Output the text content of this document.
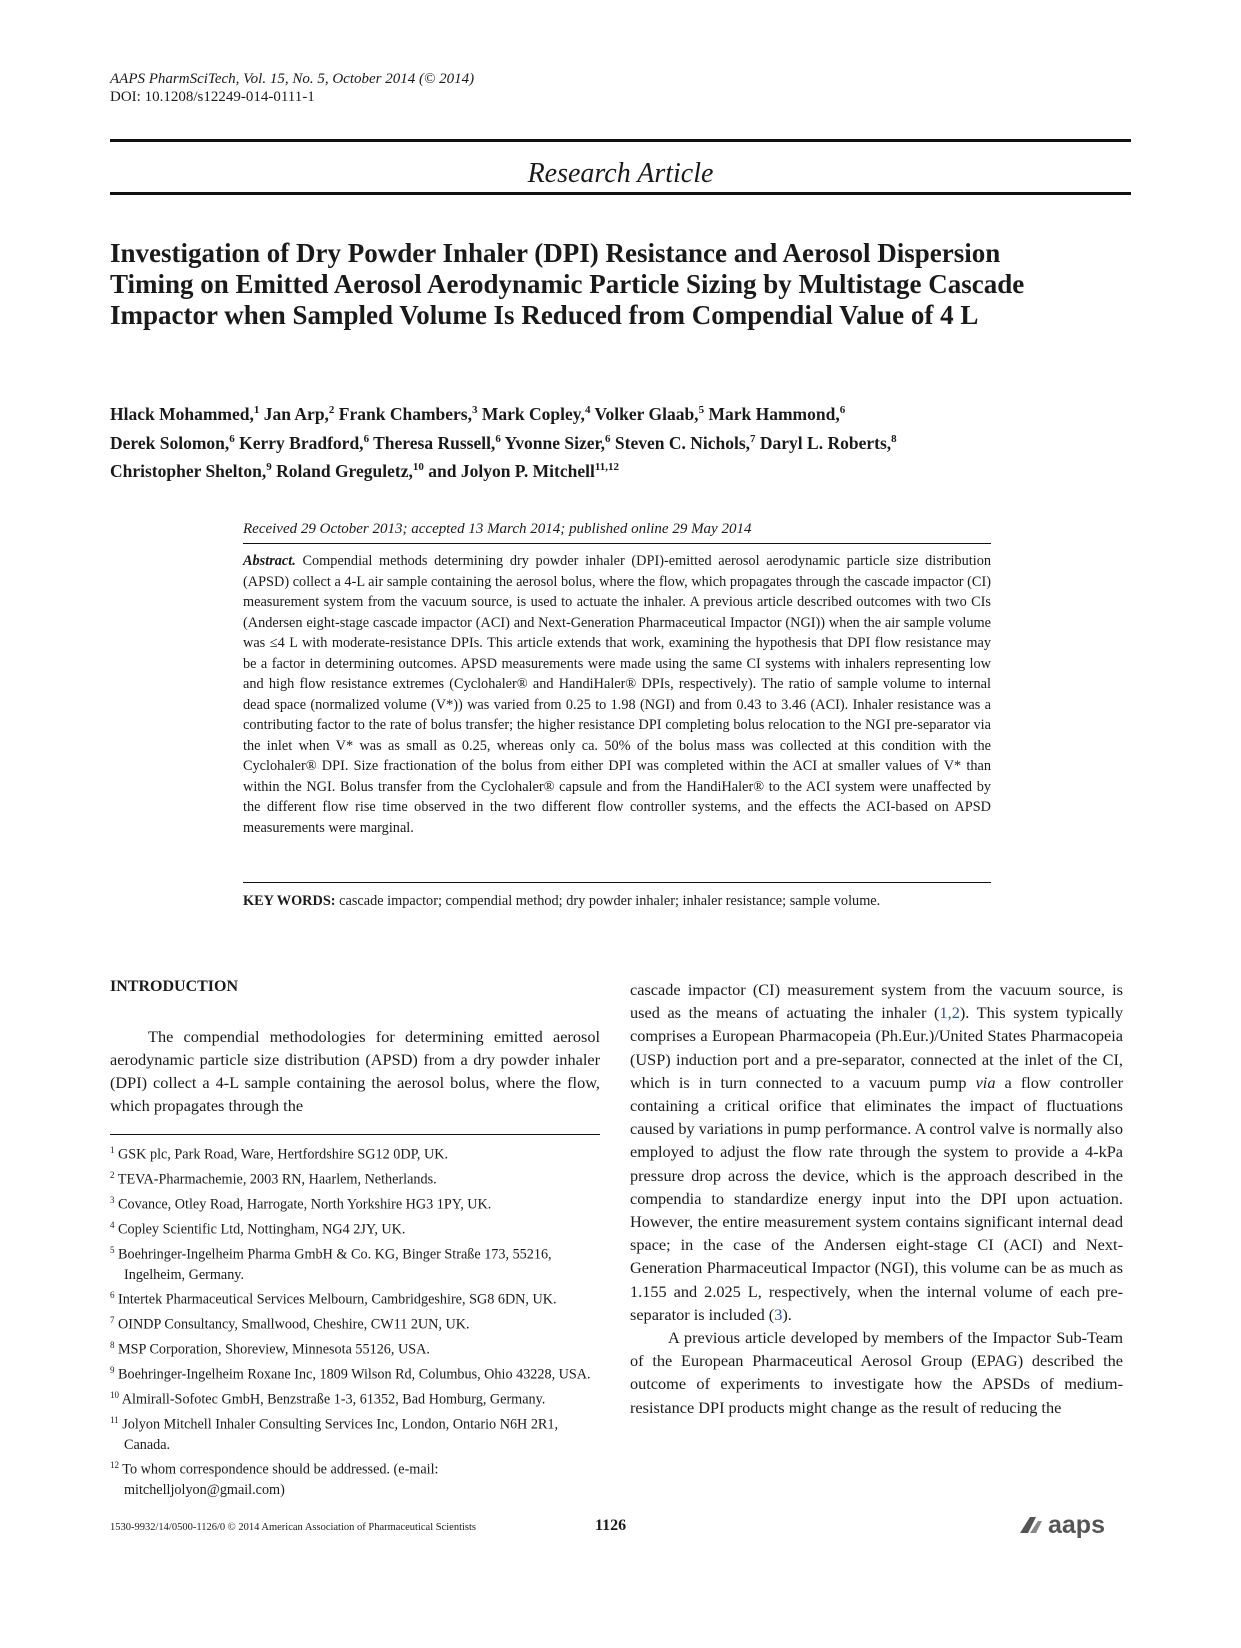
AAPS PharmSciTech, Vol. 15, No. 5, October 2014 (© 2014)
DOI: 10.1208/s12249-014-0111-1
Research Article
Investigation of Dry Powder Inhaler (DPI) Resistance and Aerosol Dispersion
Timing on Emitted Aerosol Aerodynamic Particle Sizing by Multistage Cascade
Impactor when Sampled Volume Is Reduced from Compendial Value of 4 L
Hlack Mohammed,$^1$ Jan Arp,$^2$ Frank Chambers,$^3$ Mark Copley,$^4$ Volker Glaab,$^5$ Mark Hammond,$^6$
Derek Solomon,$^6$ Kerry Bradford,$^6$ Theresa Russell,$^6$ Yvonne Sizer,$^6$ Steven C. Nichols,$^7$ Daryl L. Roberts,$^8$
Christopher Shelton,$^9$ Roland Greguletz,$^{10}$ and Jolyon P. Mitchell$^{11,12}$
Received 29 October 2013; accepted 13 March 2014; published online 29 May 2014
Abstract. Compendial methods determining dry powder inhaler (DPI)-emitted aerosol aerodynamic particle size distribution (APSD) collect a 4-L air sample containing the aerosol bolus, where the flow, which propagates through the cascade impactor (CI) measurement system from the vacuum source, is used to actuate the inhaler. A previous article described outcomes with two CIs (Andersen eight-stage cascade impactor (ACI) and Next-Generation Pharmaceutical Impactor (NGI)) when the air sample volume was ≤4 L with moderate-resistance DPIs. This article extends that work, examining the hypothesis that DPI flow resistance may be a factor in determining outcomes. APSD measurements were made using the same CI systems with inhalers representing low and high flow resistance extremes (Cyclohaler® and HandiHaler® DPIs, respectively). The ratio of sample volume to internal dead space (normalized volume (V*)) was varied from 0.25 to 1.98 (NGI) and from 0.43 to 3.46 (ACI). Inhaler resistance was a contributing factor to the rate of bolus transfer; the higher resistance DPI completing bolus relocation to the NGI pre-separator via the inlet when V* was as small as 0.25, whereas only ca. 50% of the bolus mass was collected at this condition with the Cyclohaler® DPI. Size fractionation of the bolus from either DPI was completed within the ACI at smaller values of V* than within the NGI. Bolus transfer from the Cyclohaler® capsule and from the HandiHaler® to the ACI system were unaffected by the different flow rise time observed in the two different flow controller systems, and the effects the ACI-based on APSD measurements were marginal.
KEY WORDS: cascade impactor; compendial method; dry powder inhaler; inhaler resistance; sample volume.
INTRODUCTION
The compendial methodologies for determining emitted aerosol aerodynamic particle size distribution (APSD) from a dry powder inhaler (DPI) collect a 4-L sample containing the aerosol bolus, where the flow, which propagates through the

$^1$ GSK plc, Park Road, Ware, Hertfordshire SG12 0DP, UK.

$^2$ TEVA-Pharmachemie, 2003 RN, Haarlem, Netherlands.

$^3$ Covance, Otley Road, Harrogate, North Yorkshire HG3 1PY, UK.

$^4$ Copley Scientific Ltd, Nottingham, NG4 2JY, UK.

$^5$ Boehringer-Ingelheim Pharma GmbH & Co. KG, Binger Straße 173, 55216, Ingelheim, Germany.

$^6$ Intertek Pharmaceutical Services Melbourn, Cambridgeshire, SG8 6DN, UK.

$^7$ OINDP Consultancy, Smallwood, Cheshire, CW11 2UN, UK.

$^8$ MSP Corporation, Shoreview, Minnesota 55126, USA.

$^9$ Boehringer-Ingelheim Roxane Inc, 1809 Wilson Rd, Columbus, Ohio 43228, USA.

$^{10}$ Almirall-Sofotec GmbH, Benzstraße 1-3, 61352, Bad Homburg, Germany.

$^{11}$ Jolyon Mitchell Inhaler Consulting Services Inc, London, Ontario N6H 2R1, Canada.

$^{12}$ To whom correspondence should be addressed. (e-mail: mitchelljolyon@gmail.com)

cascade impactor (CI) measurement system from the vacuum source, is used as the means of actuating the inhaler (1,2). This system typically comprises a European Pharmacopeia (Ph.Eur.)/United States Pharmacopeia (USP) induction port and a pre-separator, connected at the inlet of the CI, which is in turn connected to a vacuum pump via a flow controller containing a critical orifice that eliminates the impact of fluctuations caused by variations in pump performance. A control valve is normally also employed to adjust the flow rate through the system to provide a 4-kPa pressure drop across the device, which is the approach described in the compendia to standardize energy input into the DPI upon actuation. However, the entire measurement system contains significant internal dead space; in the case of the Andersen eight-stage CI (ACI) and Next-Generation Pharmaceutical Impactor (NGI), this volume can be as much as 1.155 and 2.025 L, respectively, when the internal volume of each pre-separator is included (3).

A previous article developed by members of the Impactor Sub-Team of the European Pharmaceutical Aerosol Group (EPAG) described the outcome of experiments to investigate how the APSDs of medium-resistance DPI products might change as the result of reducing the

1530-9932/14/0500-1126/0 © 2014 American Association of Pharmaceutical Scientists	1126	aaps
